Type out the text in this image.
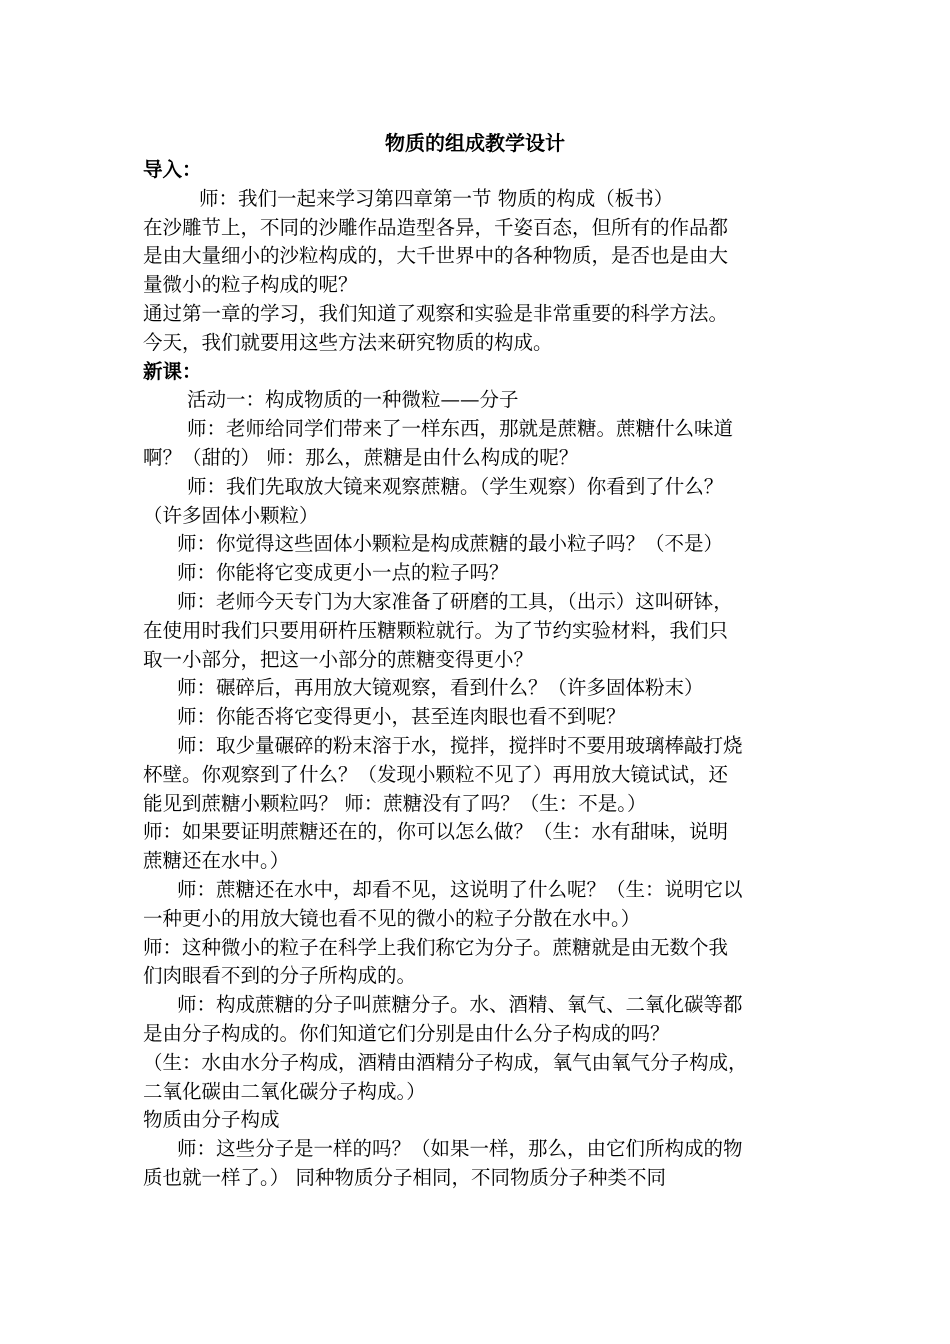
物质的组成教学设计
导入：
师：我们一起来学习第四章第一节 物质的构成（板书）
在沙雕节上，不同的沙雕作品造型各异，千姿百态，但所有的作品都
是由大量细小的沙粒构成的，大千世界中的各种物质，是否也是由大
量微小的粒子构成的呢？
通过第一章的学习，我们知道了观察和实验是非常重要的科学方法。
今天，我们就要用这些方法来研究物质的构成。
新课：
活动一：构成物质的一种微粒——分子
师：老师给同学们带来了一样东西，那就是蔗糖。蔗糖什么味道
啊？（甜的） 师：那么，蔗糖是由什么构成的呢？
师：我们先取放大镜来观察蔗糖。（学生观察）你看到了什么？
（许多固体小颗粒）
师：你觉得这些固体小颗粒是构成蔗糖的最小粒子吗？（不是）
师：你能将它变成更小一点的粒子吗？
师：老师今天专门为大家准备了研磨的工具，（出示）这叫研钵，
在使用时我们只要用研杵压糖颗粒就行。为了节约实验材料，我们只
取一小部分，把这一小部分的蔗糖变得更小？
师：碾碎后，再用放大镜观察，看到什么？（许多固体粉末）
师：你能否将它变得更小，甚至连肉眼也看不到呢？
师：取少量碾碎的粉末溶于水，搅拌，搅拌时不要用玻璃棒敲打烧
杯壁。你观察到了什么？（发现小颗粒不见了）再用放大镜试试，还
能见到蔗糖小颗粒吗？ 师：蔗糖没有了吗？（生：不是。）
师：如果要证明蔗糖还在的，你可以怎么做？（生：水有甜味，说明
蔗糖还在水中。）
师：蔗糖还在水中，却看不见，这说明了什么呢？（生：说明它以
一种更小的用放大镜也看不见的微小的粒子分散在水中。）
师：这种微小的粒子在科学上我们称它为分子。蔗糖就是由无数个我
们肉眼看不到的分子所构成的。
师：构成蔗糖的分子叫蔗糖分子。水、酒精、氧气、二氧化碳等都
是由分子构成的。你们知道它们分别是由什么分子构成的吗？
（生：水由水分子构成，酒精由酒精分子构成，氧气由氧气分子构成，
二氧化碳由二氧化碳分子构成。）
物质由分子构成
师：这些分子是一样的吗？（如果一样，那么，由它们所构成的物
质也就一样了。） 同种物质分子相同，不同物质分子种类不同
